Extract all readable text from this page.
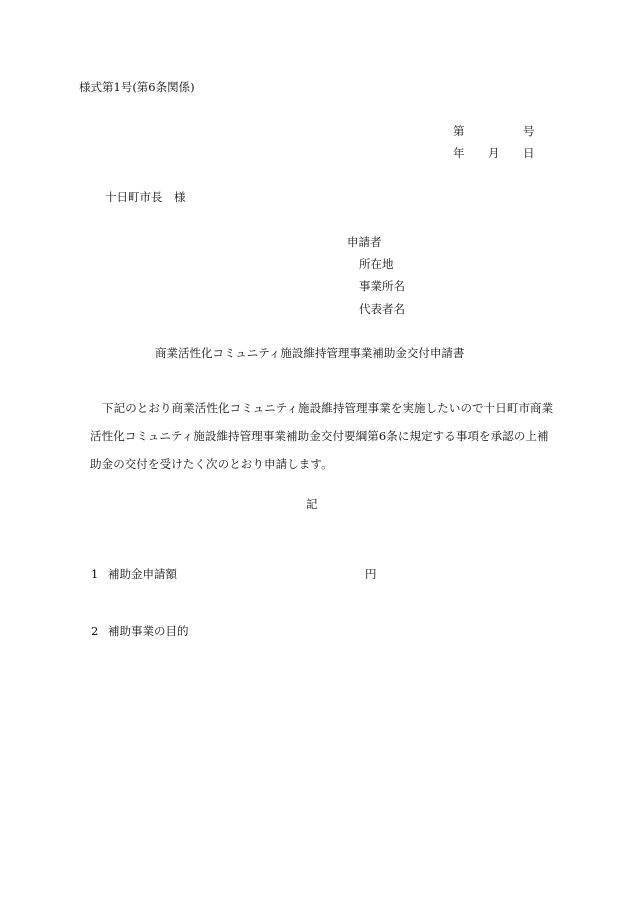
様式第1号(第6条関係)
第	号
年 月 日
十日町市長　様
申請者
所在地
事業所名
代表者名
商業活性化コミュニティ施設維持管理事業補助金交付申請書
下記のとおり商業活性化コミュニティ施設維持管理事業を実施したいので十日町市商業活性化コミュニティ施設維持管理事業補助金交付要綱第6条に規定する事項を承認の上補助金の交付を受けたく次のとおり申請します。
記
1 補助金申請額	円
2 補助事業の目的
